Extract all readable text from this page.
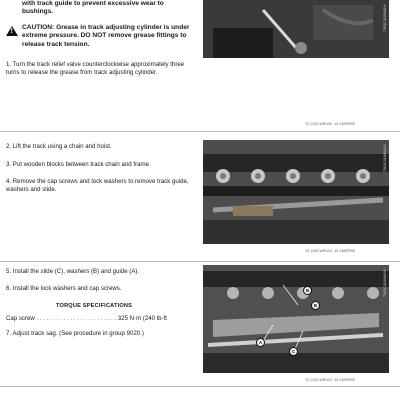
with track guide to prevent excessive wear to bushings.
!
CAUTION: Grease in track adjusting cylinder is under extreme pressure. DO NOT remove grease fittings to release track tension.
1. Turn the track relief valve counterclockwise approximately three turns to release the grease from track adjusting cylinder.
TX61C41WWAH1
TX,2130,WW100 -19-18APR95
2. Lift the track using a chain and hoist.
3. Put wooden blocks between track chain and frame.
4. Remove the cap screws and lock washers to remove track guide, washers and slide.
TX61C41WWAH2
TX,2130,WW101 -19-18APR95
5. Install the slide (C), washers (B) and guide (A).
6. Install the lock washers and cap screws.
TORQUE SPECIFICATIONS
Cap screw . . . . . . . . . . . . . . . . . . . . . . . . 325 N·m (240 lb-ft
7. Adjust track sag. (See procedure in group 9020.)
A
B
C
B
TX61C41WWAH3
TX,2130,WW102 -19-18APR95
